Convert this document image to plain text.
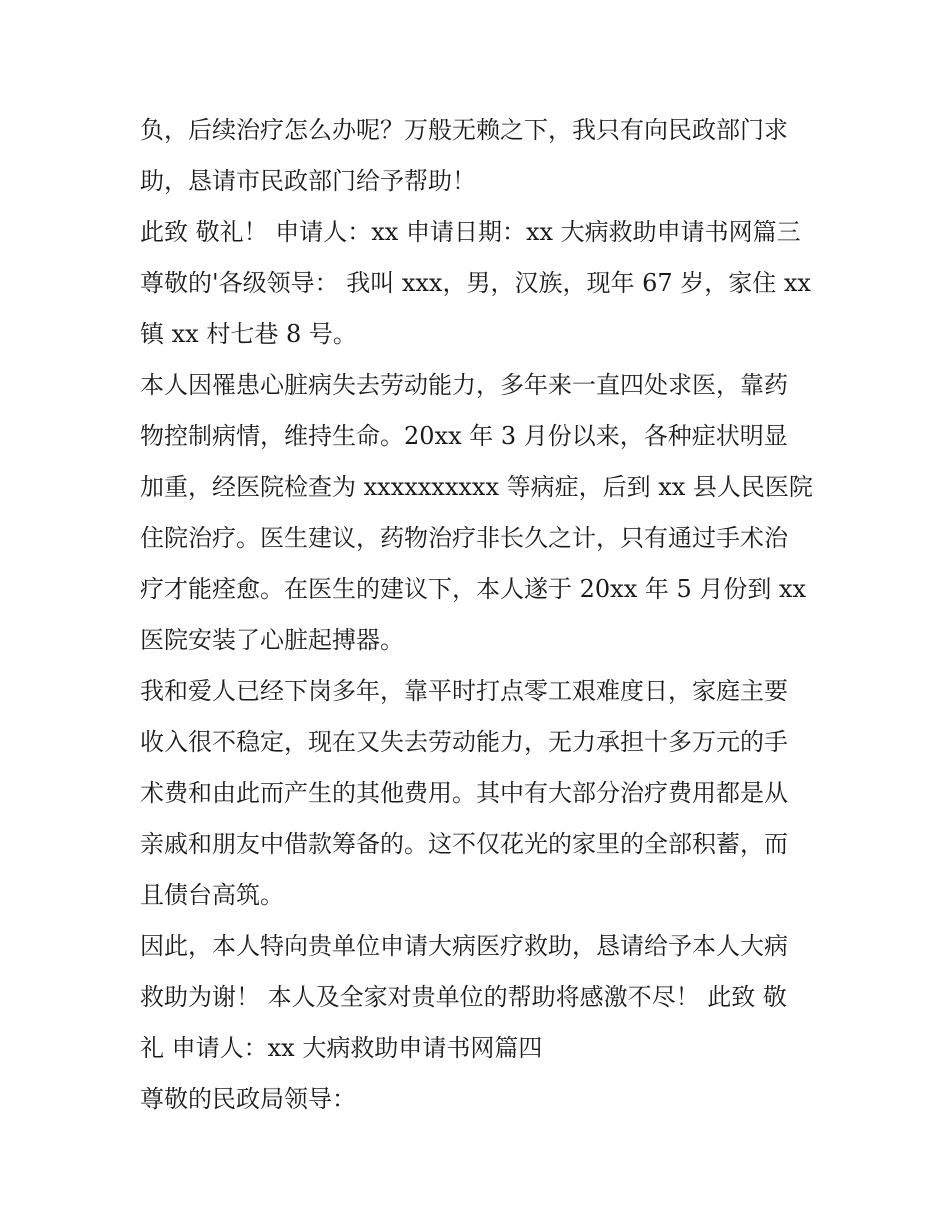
负，后续治疗怎么办呢？万般无赖之下，我只有向民政部门求
助，恳请市民政部门给予帮助！
此致 敬礼！ 申请人：xx 申请日期：xx 大病救助申请书网篇三
尊敬的'各级领导： 我叫 xxx，男，汉族，现年 67 岁，家住 xx
镇 xx 村七巷 8 号。
本人因罹患心脏病失去劳动能力，多年来一直四处求医，靠药
物控制病情，维持生命。20xx 年 3 月份以来，各种症状明显
加重，经医院检查为 xxxxxxxxxx 等病症，后到 xx 县人民医院
住院治疗。医生建议，药物治疗非长久之计，只有通过手术治
疗才能痊愈。在医生的建议下，本人遂于 20xx 年 5 月份到 xx
医院安装了心脏起搏器。
我和爱人已经下岗多年，靠平时打点零工艰难度日，家庭主要
收入很不稳定，现在又失去劳动能力，无力承担十多万元的手
术费和由此而产生的其他费用。其中有大部分治疗费用都是从
亲戚和朋友中借款筹备的。这不仅花光的家里的全部积蓄，而
且债台高筑。
因此，本人特向贵单位申请大病医疗救助，恳请给予本人大病
救助为谢！ 本人及全家对贵单位的帮助将感激不尽！ 此致 敬
礼 申请人：xx 大病救助申请书网篇四
尊敬的民政局领导：
